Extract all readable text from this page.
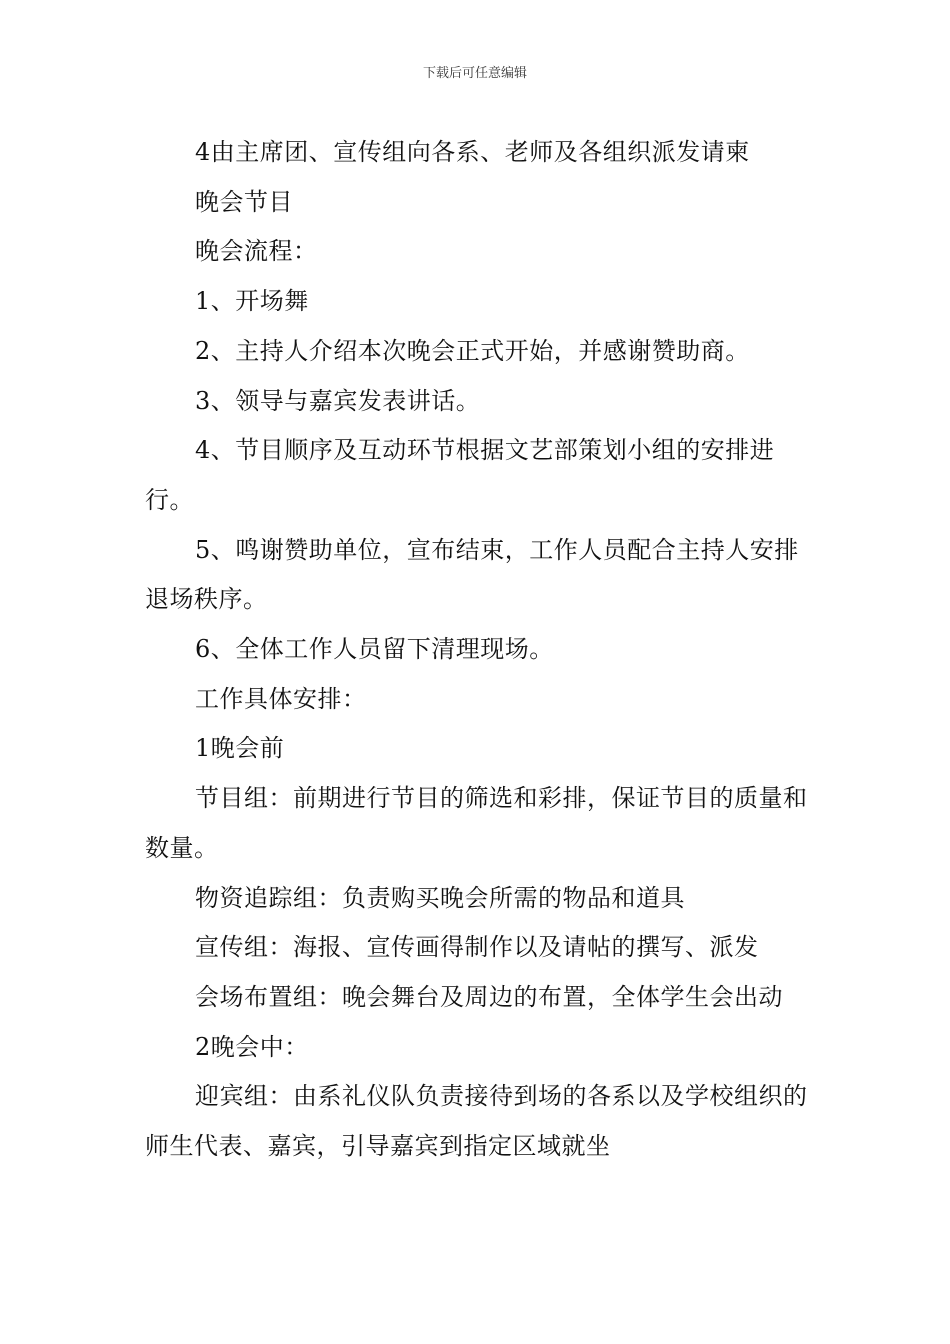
下载后可任意编辑

4由主席团、宣传组向各系、老师及各组织派发请柬

晚会节目

晚会流程：

1、开场舞

2、主持人介绍本次晚会正式开始，并感谢赞助商。

3、领导与嘉宾发表讲话。

4、节目顺序及互动环节根据文艺部策划小组的安排进行。

5、鸣谢赞助单位，宣布结束，工作人员配合主持人安排退场秩序。

6、全体工作人员留下清理现场。

工作具体安排：

1晚会前

节目组：前期进行节目的筛选和彩排，保证节目的质量和数量。

物资追踪组：负责购买晚会所需的物品和道具

宣传组：海报、宣传画得制作以及请帖的撰写、派发

会场布置组：晚会舞台及周边的布置，全体学生会出动

2晚会中：

迎宾组：由系礼仪队负责接待到场的各系以及学校组织的师生代表、嘉宾，引导嘉宾到指定区域就坐
